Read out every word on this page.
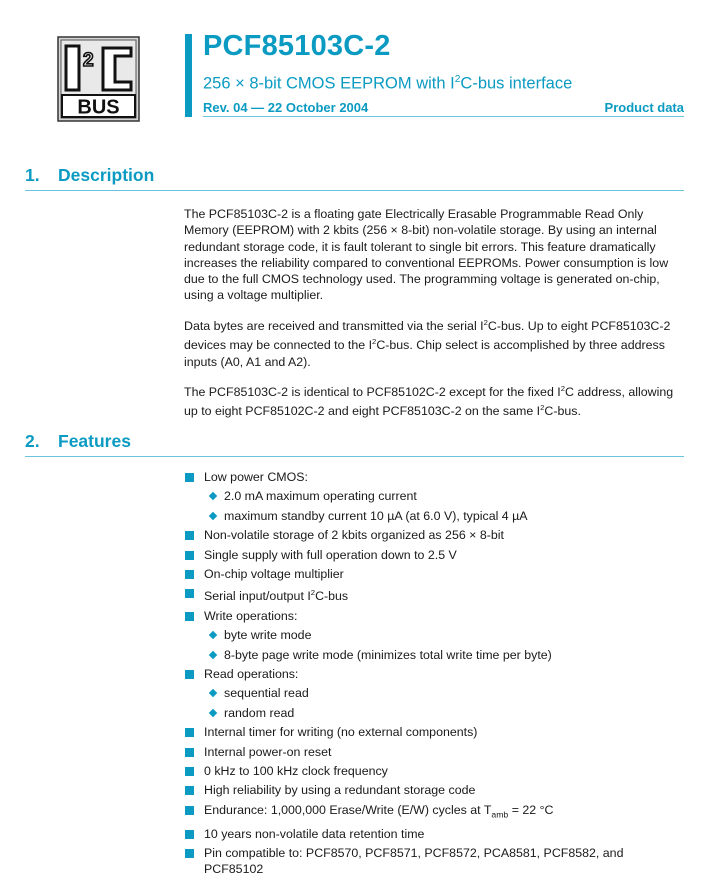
2
BUS
PCF85103C-2

256 × 8-bit CMOS EEPROM with $I^2C$-bus interface

Rev. 04 — 22 October 2004	Product data
1. Description

The PCF85103C-2 is a floating gate Electrically Erasable Programmable Read Only Memory (EEPROM) with 2 kbits (256 × 8-bit) non-volatile storage. By using an internal redundant storage code, it is fault tolerant to single bit errors. This feature dramatically increases the reliability compared to conventional EEPROMs. Power consumption is low due to the full CMOS technology used. The programming voltage is generated on-chip, using a voltage multiplier.

Data bytes are received and transmitted via the serial $I^2C$-bus. Up to eight PCF85103C-2 devices may be connected to the $I^2C$-bus. Chip select is accomplished by three address inputs (A0, A1 and A2).

The PCF85103C-2 is identical to PCF85102C-2 except for the fixed $I^2C$ address, allowing up to eight PCF85102C-2 and eight PCF85103C-2 on the same $I^2C$-bus.

2. Features
Low power CMOS:
2.0 mA maximum operating current
maximum standby current 10 µA (at 6.0 V), typical 4 µA
Non-volatile storage of 2 kbits organized as 256 × 8-bit
Single supply with full operation down to 2.5 V
On-chip voltage multiplier
Serial input/output $I^2C$-bus
Write operations:
byte write mode
8-byte page write mode (minimizes total write time per byte)
Read operations:
sequential read
random read
Internal timer for writing (no external components)
Internal power-on reset
0 kHz to 100 kHz clock frequency
High reliability by using a redundant storage code
Endurance: 1,000,000 Erase/Write (E/W) cycles at $T_{amb} = 22$ °C
10 years non-volatile data retention time
Pin compatible to: PCF8570, PCF8571, PCF8572, PCA8581, PCF8582, and PCF85102
